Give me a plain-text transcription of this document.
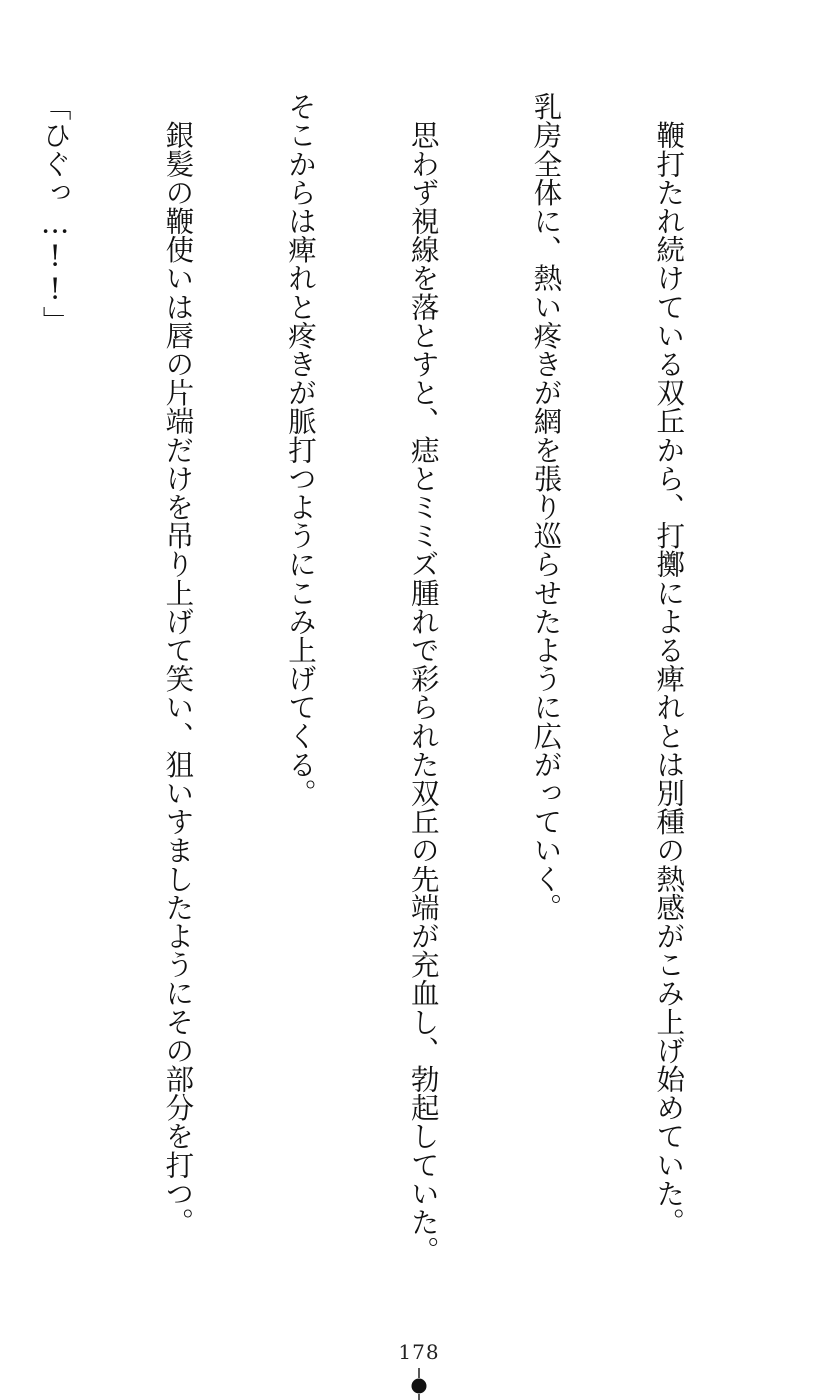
　鞭打たれ続けている双丘から、打擲による痺れとは別種の熱感がこみ上げ始めていた。

乳房全体に、熱い疼きが網を張り巡らせたように広がっていく。

　思わず視線を落とすと、痣とミミズ腫れで彩られた双丘の先端が充血し、勃起していた。

そこからは痺れと疼きが脈打つようにこみ上げてくる。

　銀髪の鞭使いは唇の片端だけを吊り上げて笑い、狙いすましたようにその部分を打つ。

「ひぐっ…!!」

178
